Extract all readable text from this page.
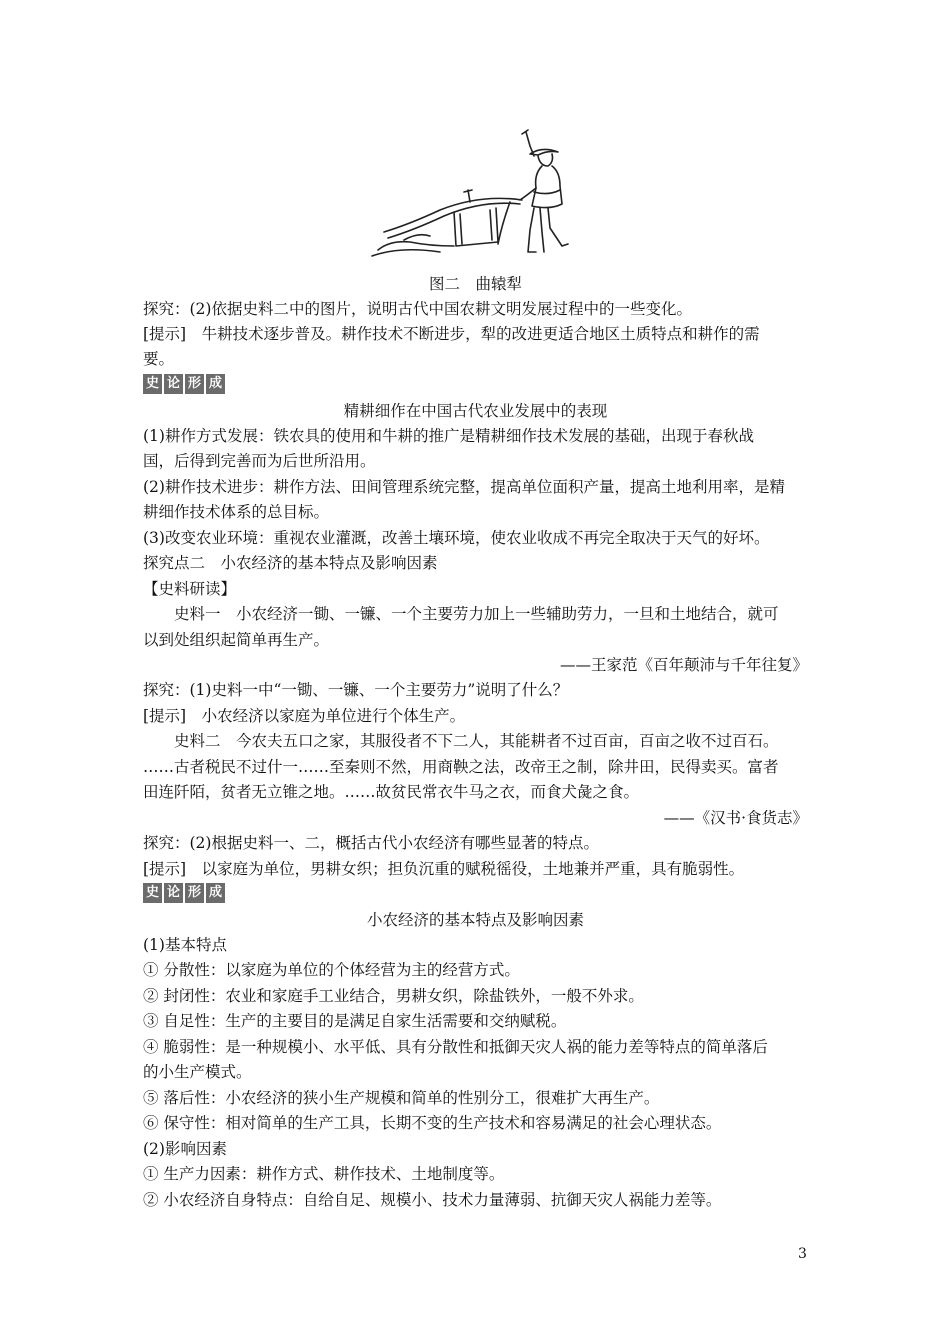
图二　曲辕犁
探究：(2)依据史料二中的图片，说明古代中国农耕文明发展过程中的一些变化。
[提示]　牛耕技术逐步普及。耕作技术不断进步，犁的改进更适合地区土质特点和耕作的需
要。
史 论 形 成
精耕细作在中国古代农业发展中的表现
(1)耕作方式发展：铁农具的使用和牛耕的推广是精耕细作技术发展的基础，出现于春秋战
国，后得到完善而为后世所沿用。
(2)耕作技术进步：耕作方法、田间管理系统完整，提高单位面积产量，提高土地利用率，是精
耕细作技术体系的总目标。
(3)改变农业环境：重视农业灌溉，改善土壤环境，使农业收成不再完全取决于天气的好坏。
探究点二　小农经济的基本特点及影响因素
【史料研读】
史料一　小农经济一锄、一镰、一个主要劳力加上一些辅助劳力，一旦和土地结合，就可
以到处组织起简单再生产。
——王家范《百年颠沛与千年往复》
探究：(1)史料一中“一锄、一镰、一个主要劳力”说明了什么？
[提示]　小农经济以家庭为单位进行个体生产。
史料二　今农夫五口之家，其服役者不下二人，其能耕者不过百亩，百亩之收不过百石。
……古者税民不过什一……至秦则不然，用商鞅之法，改帝王之制，除井田，民得卖买。富者
田连阡陌，贫者无立锥之地。……故贫民常衣牛马之衣，而食犬彘之食。
——《汉书·食货志》
探究：(2)根据史料一、二，概括古代小农经济有哪些显著的特点。
[提示]　以家庭为单位，男耕女织；担负沉重的赋税徭役，土地兼并严重，具有脆弱性。
史 论 形 成
小农经济的基本特点及影响因素
(1)基本特点
① 分散性：以家庭为单位的个体经营为主的经营方式。
② 封闭性：农业和家庭手工业结合，男耕女织，除盐铁外，一般不外求。
③ 自足性：生产的主要目的是满足自家生活需要和交纳赋税。
④ 脆弱性：是一种规模小、水平低、具有分散性和抵御天灾人祸的能力差等特点的简单落后
的小生产模式。
⑤ 落后性：小农经济的狭小生产规模和简单的性别分工，很难扩大再生产。
⑥ 保守性：相对简单的生产工具，长期不变的生产技术和容易满足的社会心理状态。
(2)影响因素
① 生产力因素：耕作方式、耕作技术、土地制度等。
② 小农经济自身特点：自给自足、规模小、技术力量薄弱、抗御天灾人祸能力差等。
3
